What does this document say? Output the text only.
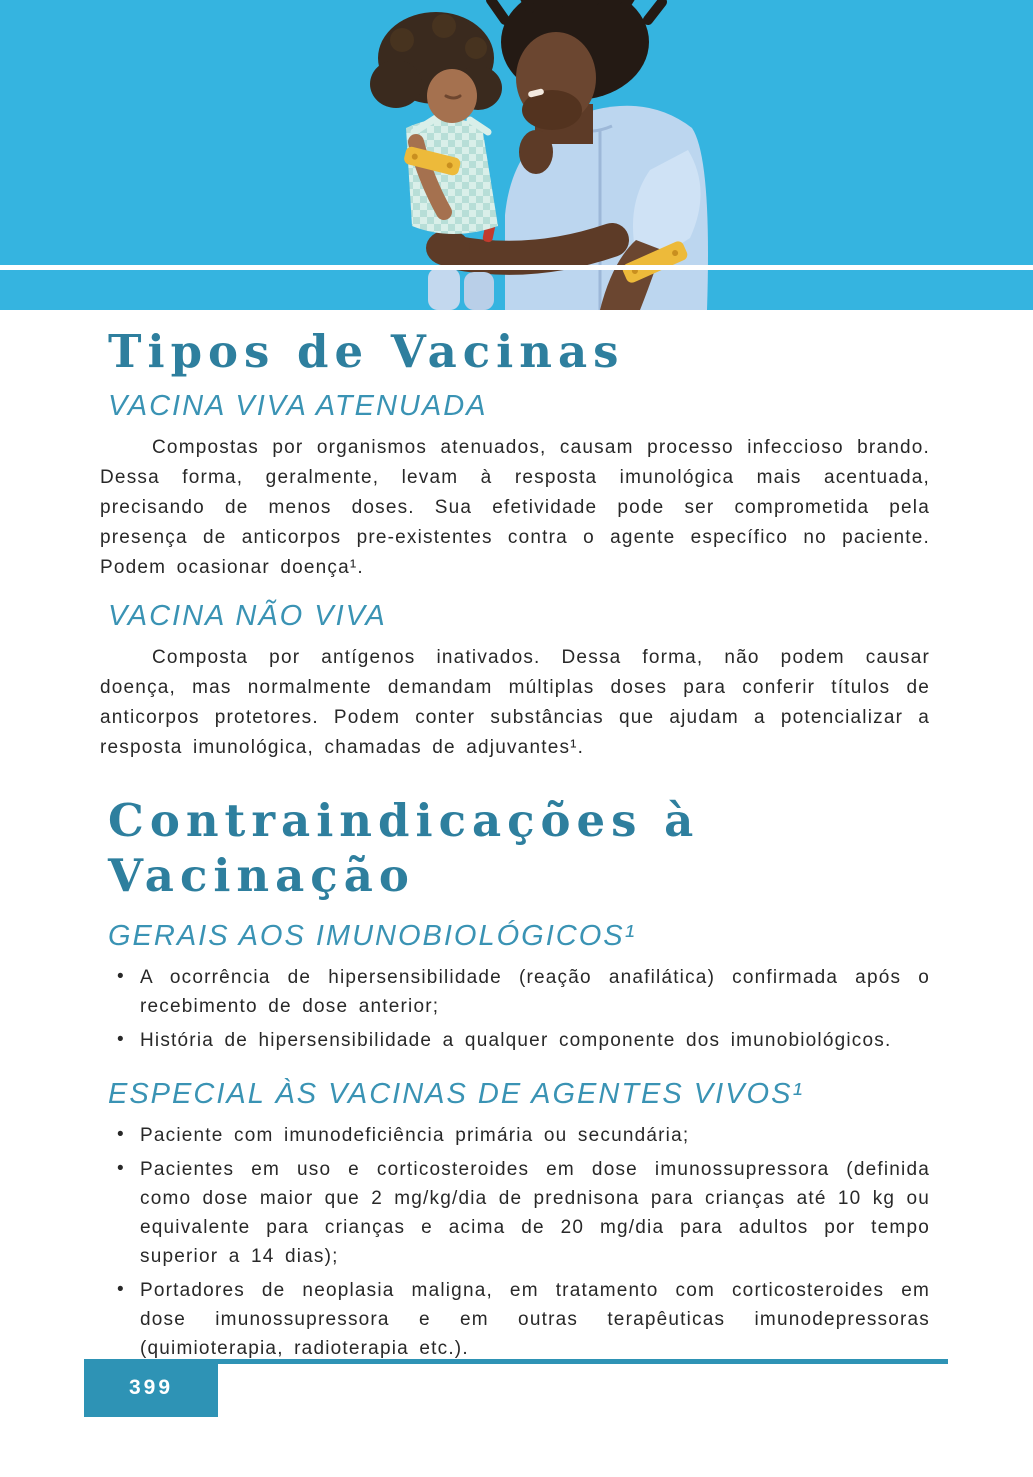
Tipos de Vacinas
VACINA VIVA ATENUADA

Compostas por organismos atenuados, causam processo infeccioso brando. Dessa forma, geralmente, levam à resposta imunológica mais acentuada, precisando de menos doses. Sua efetividade pode ser comprometida pela presença de anticorpos pre-existentes contra o agente específico no paciente. Podem ocasionar doença¹.

VACINA NÃO VIVA

Composta por antígenos inativados. Dessa forma, não podem causar doença, mas normalmente demandam múltiplas doses para conferir títulos de anticorpos protetores. Podem conter substâncias que ajudam a potencializar a resposta imunológica, chamadas de adjuvantes¹.

Contraindicações à Vacinação
GERAIS AOS IMUNOBIOLÓGICOS¹
• A ocorrência de hipersensibilidade (reação anafilática) confirmada após o recebimento de dose anterior;
• História de hipersensibilidade a qualquer componente dos imunobiológicos.
ESPECIAL ÀS VACINAS DE AGENTES VIVOS¹
• Paciente com imunodeficiência primária ou secundária;
• Pacientes em uso e corticosteroides em dose imunossupressora (definida como dose maior que 2 mg/kg/dia de prednisona para crianças até 10 kg ou equivalente para crianças e acima de 20 mg/dia para adultos por tempo superior a 14 dias);
• Portadores de neoplasia maligna, em tratamento com corticosteroides em dose imunossupressora e em outras terapêuticas imunodepressoras (quimioterapia, radioterapia etc.).
399
